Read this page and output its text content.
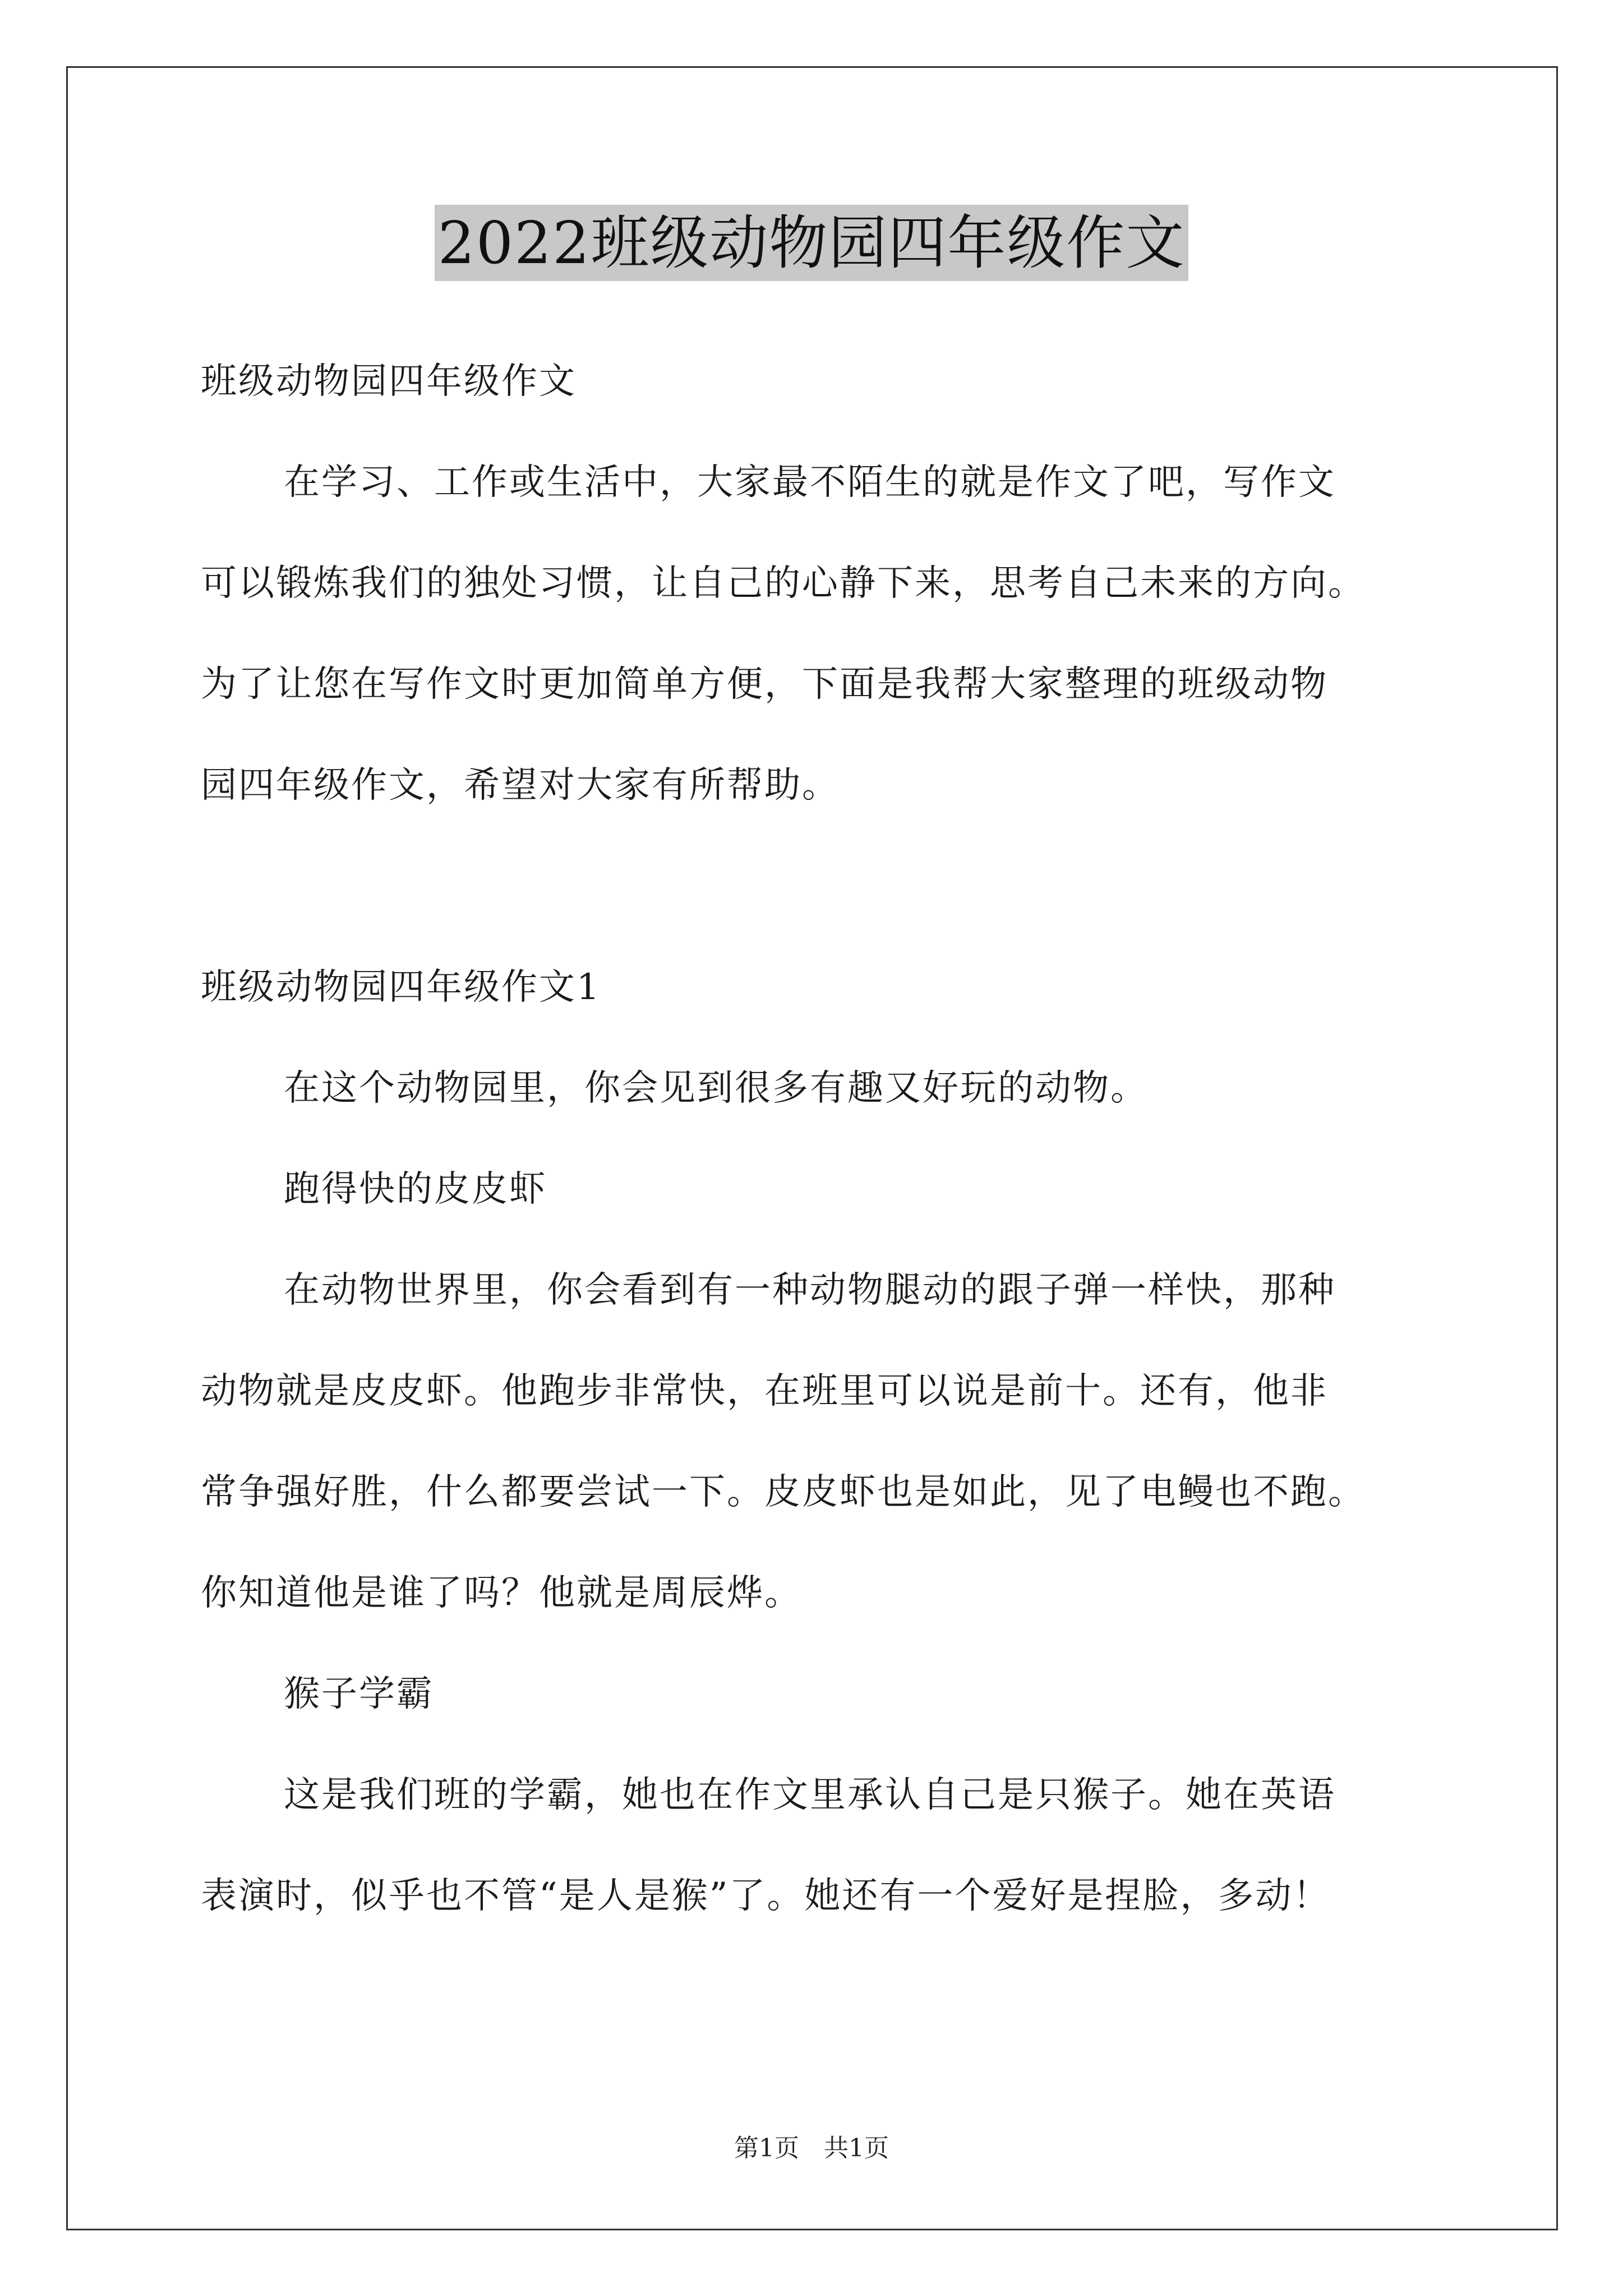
2022班级动物园四年级作文
班级动物园四年级作文
在学习、工作或生活中，大家最不陌生的就是作文了吧，写作文
可以锻炼我们的独处习惯，让自己的心静下来，思考自己未来的方向。
为了让您在写作文时更加简单方便，下面是我帮大家整理的班级动物
园四年级作文，希望对大家有所帮助。
班级动物园四年级作文1
在这个动物园里，你会见到很多有趣又好玩的动物。
跑得快的皮皮虾
在动物世界里，你会看到有一种动物腿动的跟子弹一样快，那种
动物就是皮皮虾。他跑步非常快，在班里可以说是前十。还有，他非
常争强好胜，什么都要尝试一下。皮皮虾也是如此，见了电鳗也不跑。
你知道他是谁了吗？他就是周辰烨。
猴子学霸
这是我们班的学霸，她也在作文里承认自己是只猴子。她在英语
表演时，似乎也不管“是人是猴”了。她还有一个爱好是捏脸，多动！
第1页　共1页
